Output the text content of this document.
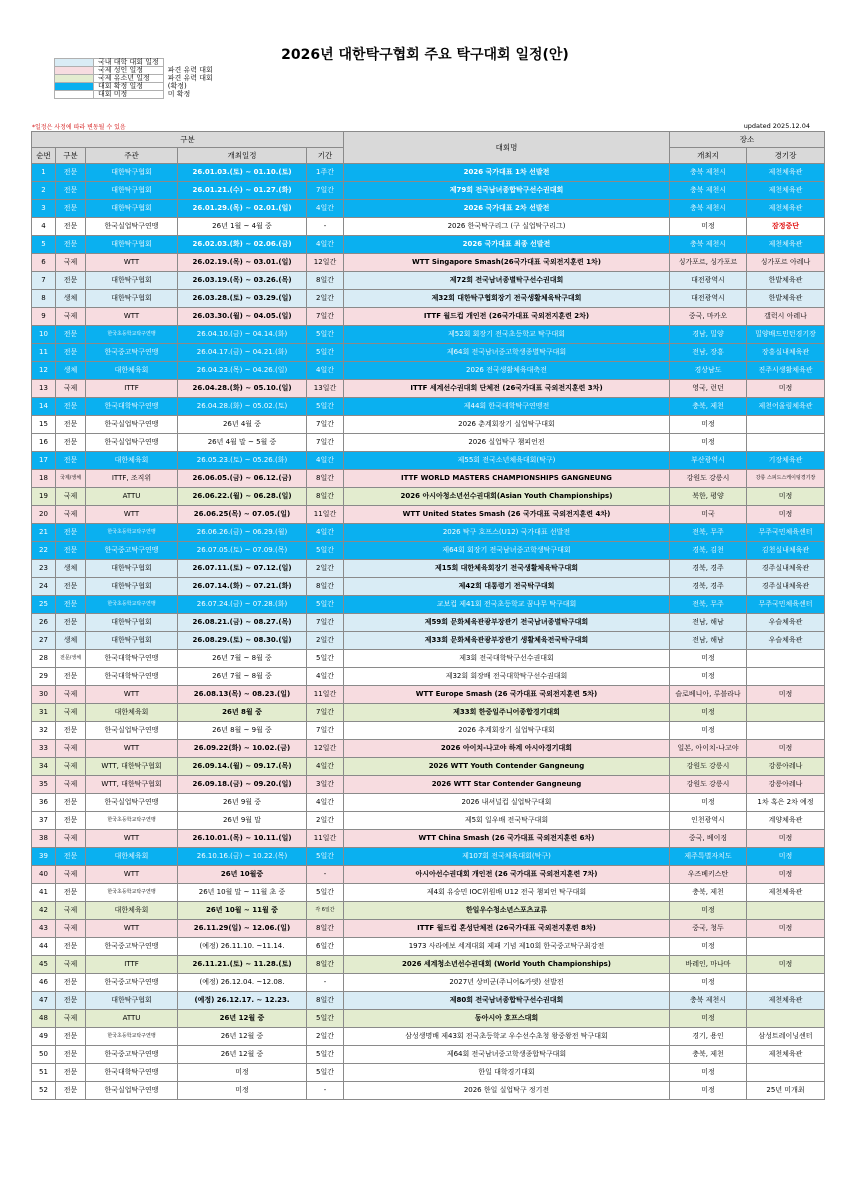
2026년 대한탁구협회 주요 탁구대회 일정(안)
	국내 대학 대회 일정	
	국제 성인 일정	파견 유력 대회
	국제 유소년 일정	파견 유력 대회
	대회 확정 일정	(확정)
	대회 미정	미 확정
*일정은 사정에 따라 변동될 수 있음	updated 2025.12.04
구분					대회명	장소	
순번	구분	주관	개최일정	기간		개최지	경기장
1	전문	대한탁구협회	26.01.03.(토) ~ 01.10.(토)	1주간	2026 국가대표 1차 선발전	충북 제천시	제천체육관
2	전문	대한탁구협회	26.01.21.(수) ~ 01.27.(화)	7일간	제79회 전국남녀종합탁구선수권대회	충북 제천시	제천체육관
3	전문	대한탁구협회	26.01.29.(목) ~ 02.01.(일)	4일간	2026 국가대표 2차 선발전	충북 제천시	제천체육관
4	전문	한국실업탁구연맹	26년 1월 ~ 4월 중	-	2026 한국탁구리그 (구 실업탁구리그)	미정	잠정중단
5	전문	대한탁구협회	26.02.03.(화) ~ 02.06.(금)	4일간	2026 국가대표 최종 선발전	충북 제천시	제천체육관
6	국제	WTT	26.02.19.(목) ~ 03.01.(일)	12일간	WTT Singapore Smash(26국가대표 국외전지훈련 1차)	싱가포르, 싱가포르	싱가포르 아레나
7	전문	대한탁구협회	26.03.19.(목) ~ 03.26.(목)	8일간	제72회 전국남녀종별탁구선수권대회	대전광역시	한밭체육관
8	생체	대한탁구협회	26.03.28.(토) ~ 03.29.(일)	2일간	제32회 대한탁구협회장기 전국생활체육탁구대회	대전광역시	한밭체육관
9	국제	WTT	26.03.30.(월) ~ 04.05.(일)	7일간	ITTF 월드컵 개인전 (26국가대표 국외전지훈련 2차)	중국, 마카오	갤럭시 아레나
10	전문	한국초등학교탁구연맹	26.04.10.(금) ~ 04.14.(화)	5일간	제52회 회장기 전국초등학교 탁구대회	경남, 밀양	밀양배드민턴경기장
11	전문	한국중고탁구연맹	26.04.17.(금) ~ 04.21.(화)	5일간	제64회 전국남녀중고학생종별탁구대회	전남, 장흥	장흥실내체육관
12	생체	대한체육회	26.04.23.(목) ~ 04.26.(일)	4일간	2026 전국생활체육대축전	경상남도	진주시생활체육관
13	국제	ITTF	26.04.28.(화) ~ 05.10.(일)	13일간	ITTF 세계선수권대회 단체전 (26국가대표 국외전지훈련 3차)	영국, 런던	미정
14	전문	한국대학탁구연맹	26.04.28.(화) ~ 05.02.(토)	5일간	제44회 한국대학탁구연맹전	충북, 제천	제천어울림체육관
15	전문	한국실업탁구연맹	26년 4월 중	7일간	2026 춘계회장기 실업탁구대회	미정	
16	전문	한국실업탁구연맹	26년 4월 말 ~ 5월 중	7일간	2026 실업탁구 챔피언전	미정	
17	전문	대한체육회	26.05.23.(토) ~ 05.26.(화)	4일간	제55회 전국소년체육대회(탁구)	부산광역시	기장체육관
18	국제/생체	ITTF, 조직위	26.06.05.(금) ~ 06.12.(금)	8일간	ITTF WORLD MASTERS CHAMPIONSHIPS GANGNEUNG	강원도 강릉시	강릉 스피드스케이팅경기장
19	국제	ATTU	26.06.22.(월) ~ 06.28.(일)	8일간	2026 아시아청소년선수권대회(Asian Youth Championships)	북한, 평양	미정
20	국제	WTT	26.06.25(목) ~ 07.05.(일)	11일간	WTT United States Smash (26 국가대표 국외전지훈련 4차)	미국	미정
21	전문	한국초등학교탁구연맹	26.06.26.(금) ~ 06.29.(월)	4일간	2026 탁구 호프스(U12) 국가대표 선발전	전북, 무주	무주국민체육센터
22	전문	한국중고탁구연맹	26.07.05.(토) ~ 07.09.(목)	5일간	제64회 회장기 전국남녀중고학생탁구대회	경북, 김천	김천실내체육관
23	생체	대한탁구협회	26.07.11.(토) ~ 07.12.(일)	2일간	제15회 대한체육회장기 전국생활체육탁구대회	경북, 경주	경주실내체육관
24	전문	대한탁구협회	26.07.14.(화) ~ 07.21.(화)	8일간	제42회 대통령기 전국탁구대회	경북, 경주	경주실내체육관
25	전문	한국초등학교탁구연맹	26.07.24.(금) ~ 07.28.(화)	5일간	교보컵 제41회 전국초등학교 꿈나무 탁구대회	전북, 무주	무주국민체육센터
26	전문	대한탁구협회	26.08.21.(금) ~ 08.27.(목)	7일간	제59회 문화체육관광부장관기 전국남녀종별탁구대회	전남, 해남	우슬체육관
27	생체	대한탁구협회	26.08.29.(토) ~ 08.30.(일)	2일간	제33회 문화체육관광부장관기 생활체육전국탁구대회	전남, 해남	우슬체육관
28	전문/생체	한국대학탁구연맹	26년 7월 ~ 8월 중	5일간	제3회 전국대학탁구선수권대회	미정	
29	전문	한국대학탁구연맹	26년 7월 ~ 8월 중	4일간	제32회 회장배 전국대학탁구선수권대회	미정	
30	국제	WTT	26.08.13(목) ~ 08.23.(일)	11일간	WTT Europe Smash (26 국가대표 국외전지훈련 5차)	슬로베니아, 루블라나	미정
31	국제	대한체육회	26년 8월 중	7일간	제33회 한중일주니어종합경기대회	미정	
32	전문	한국실업탁구연맹	26년 8월 ~ 9월 중	7일간	2026 추계회장기 실업탁구대회	미정	
33	국제	WTT	26.09.22(화) ~ 10.02.(금)	12일간	2026 아이치-나고야 하계 아시아경기대회	일본, 아이치-나고야	미정
34	국제	WTT, 대한탁구협회	26.09.14.(월) ~ 09.17.(목)	4일간	2026 WTT Youth Contender Gangneung	강원도 강릉시	강릉아레나
35	국제	WTT, 대한탁구협회	26.09.18.(금) ~ 09.20.(일)	3일간	2026 WTT Star Contender Gangneung	강원도 강릉시	강릉아레나
36	전문	한국실업탁구연맹	26년 9월 중	4일간	2026 내셔널컵 실업탁구대회	미정	1차 혹은 2차 예정
37	전문	한국초등학교탁구연맹	26년 9월 말	2일간	제5회 일우배 전국탁구대회	인천광역시	계양체육관
38	국제	WTT	26.10.01.(목) ~ 10.11.(일)	11일간	WTT China Smash (26 국가대표 국외전지훈련 6차)	중국, 베이징	미정
39	전문	대한체육회	26.10.16.(금) ~ 10.22.(목)	5일간	제107회 전국체육대회(탁구)	제주특별자치도	미정
40	국제	WTT	26년 10월중	-	아시아선수권대회 개인전 (26 국가대표 국외전지훈련 7차)	우즈베키스탄	미정
41	전문	한국초등학교탁구연맹	26년 10월 말 ~ 11월 초 중	5일간	제4회 유승민 IOC위원배 U12 전국 챔피언 탁구대회	충북, 제천	제천체육관
42	국제	대한체육회	26년 10월 ~ 11월 중	각 6일간	한일우수청소년스포츠교류	미정	
43	국제	WTT	26.11.29(일) ~ 12.06.(일)	8일간	ITTF 월드컵 혼성단체전 (26국가대표 국외전지훈련 8차)	중국, 청두	미정
44	전문	한국중고탁구연맹	(예정) 26.11.10. ~11.14.	6일간	1973 사라에보 세계대회 제패 기념 제10회 한국중고탁구최강전	미정	
45	국제	ITTF	26.11.21.(토) ~ 11.28.(토)	8일간	2026 세계청소년선수권대회 (World Youth Championships)	바레인, 마나마	미정
46	전문	한국중고탁구연맹	(예정) 26.12.04. ~12.08.	-	2027년 상비군(주니어&카뎃) 선발전	미정	
47	전문	대한탁구협회	(예정) 26.12.17. ~ 12.23.	8일간	제80회 전국남녀종합탁구선수권대회	충북 제천시	제천체육관
48	국제	ATTU	26년 12월 중	5일간	동아시아 호프스대회	미정	
49	전문	한국초등학교탁구연맹	26년 12월 중	2일간	삼성생명배 제43회 전국초등학교 우수선수초청 왕중왕전 탁구대회	경기, 용인	삼성트레이닝센터
50	전문	한국중고탁구연맹	26년 12월 중	5일간	제64회 전국남녀중고학생종합탁구대회	충북, 제천	제천체육관
51	전문	한국대학탁구연맹	미정	5일간	한일 대학경기대회	미정	
52	전문	한국실업탁구연맹	미정	-	2026 한일 실업탁구 정기전	미정	25년 미개최
